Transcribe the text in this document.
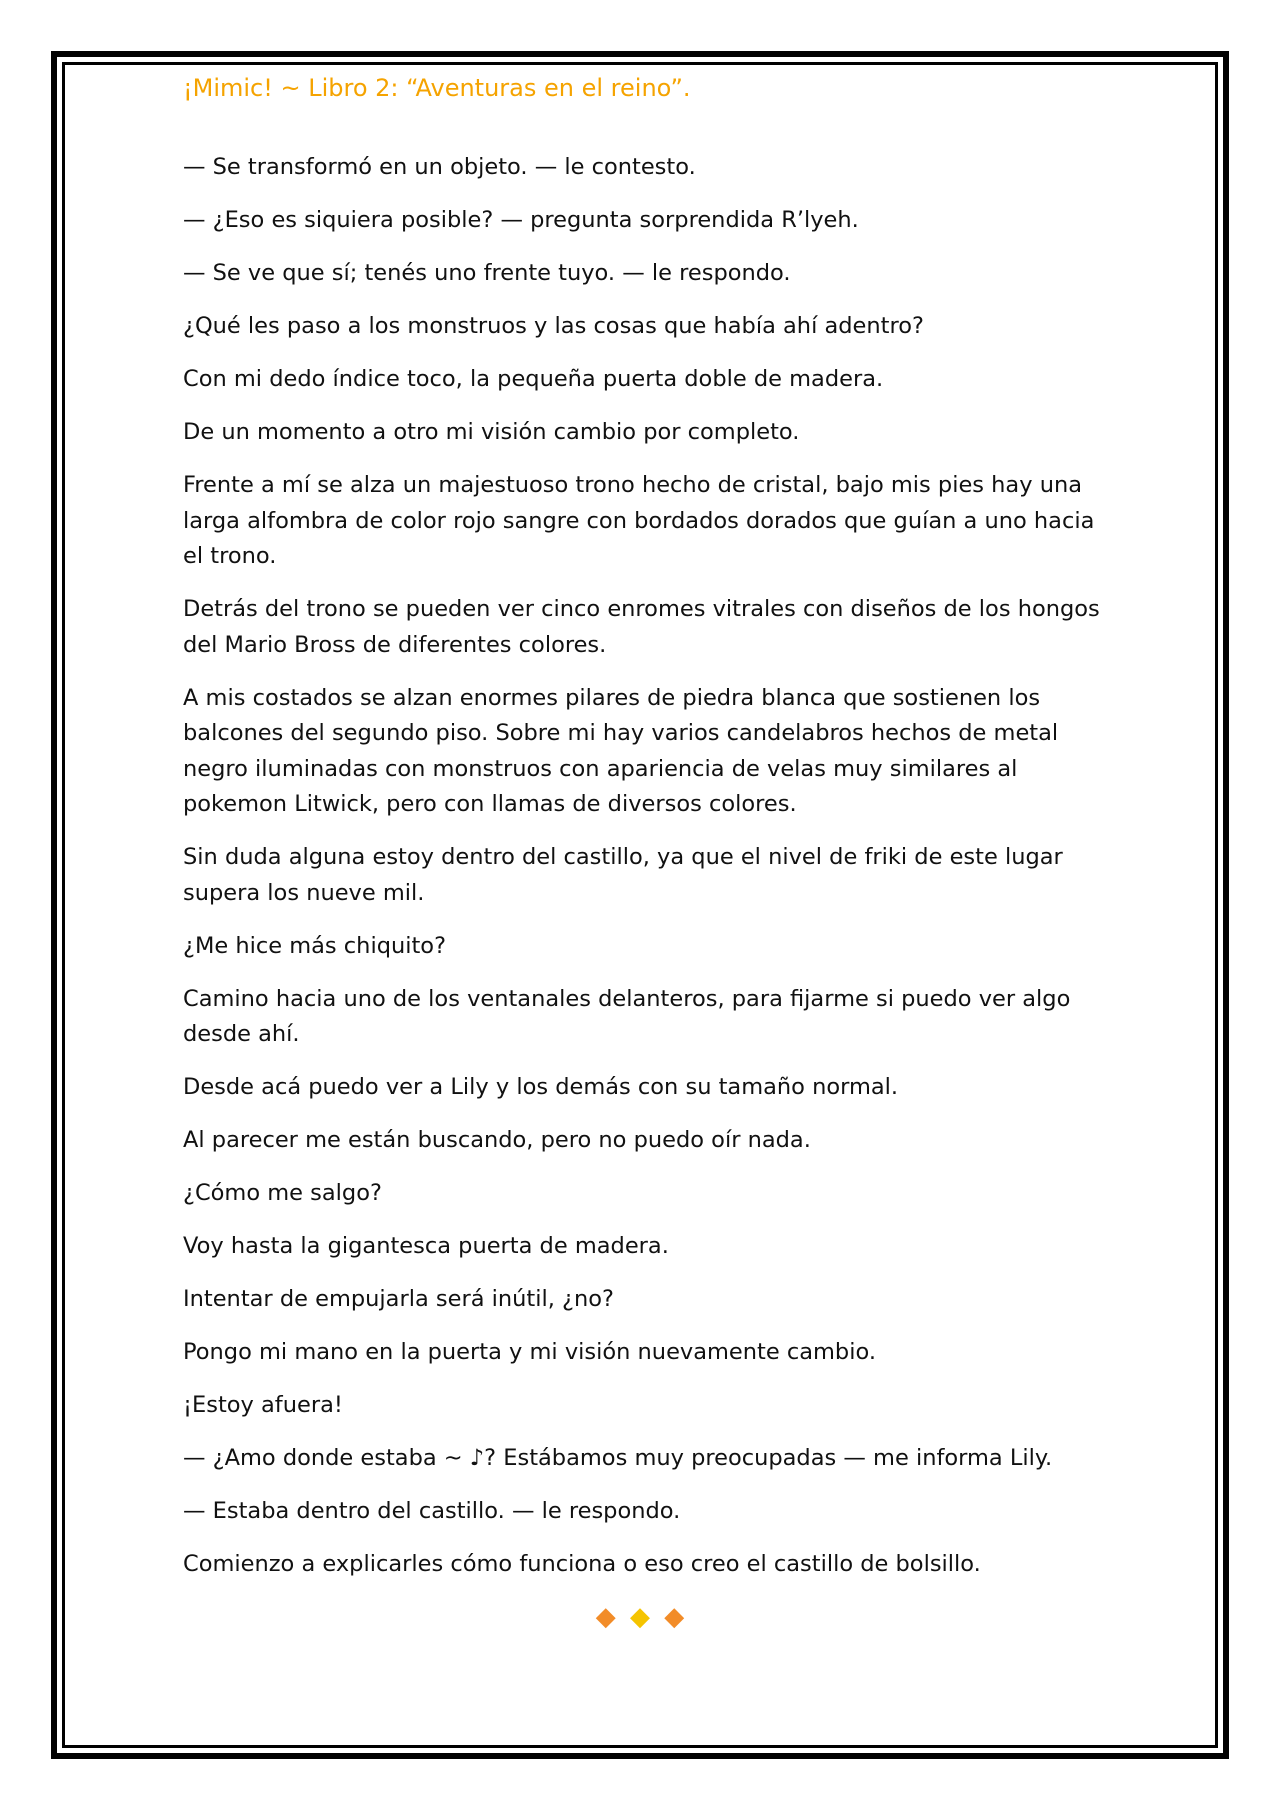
¡Mimic! ~ Libro 2: “Aventuras en el reino”.

— Se transformó en un objeto. — le contesto.

— ¿Eso es siquiera posible? — pregunta sorprendida R’lyeh.

— Se ve que sí; tenés uno frente tuyo. — le respondo.

¿Qué les paso a los monstruos y las cosas que había ahí adentro?

Con mi dedo índice toco, la pequeña puerta doble de madera.

De un momento a otro mi visión cambio por completo.

Frente a mí se alza un majestuoso trono hecho de cristal, bajo mis pies hay una larga alfombra de color rojo sangre con bordados dorados que guían a uno hacia el trono.

Detrás del trono se pueden ver cinco enromes vitrales con diseños de los hongos del Mario Bross de diferentes colores.

A mis costados se alzan enormes pilares de piedra blanca que sostienen los balcones del segundo piso. Sobre mi hay varios candelabros hechos de metal negro iluminadas con monstruos con apariencia de velas muy similares al pokemon Litwick, pero con llamas de diversos colores.

Sin duda alguna estoy dentro del castillo, ya que el nivel de friki de este lugar supera los nueve mil.

¿Me hice más chiquito?

Camino hacia uno de los ventanales delanteros, para fijarme si puedo ver algo desde ahí.

Desde acá puedo ver a Lily y los demás con su tamaño normal.

Al parecer me están buscando, pero no puedo oír nada.

¿Cómo me salgo?

Voy hasta la gigantesca puerta de madera.

Intentar de empujarla será inútil, ¿no?

Pongo mi mano en la puerta y mi visión nuevamente cambio.

¡Estoy afuera!

— ¿Amo donde estaba ~ ♪? Estábamos muy preocupadas — me informa Lily.

— Estaba dentro del castillo. — le respondo.

Comienzo a explicarles cómo funciona o eso creo el castillo de bolsillo.

◆ ◆ ◆
